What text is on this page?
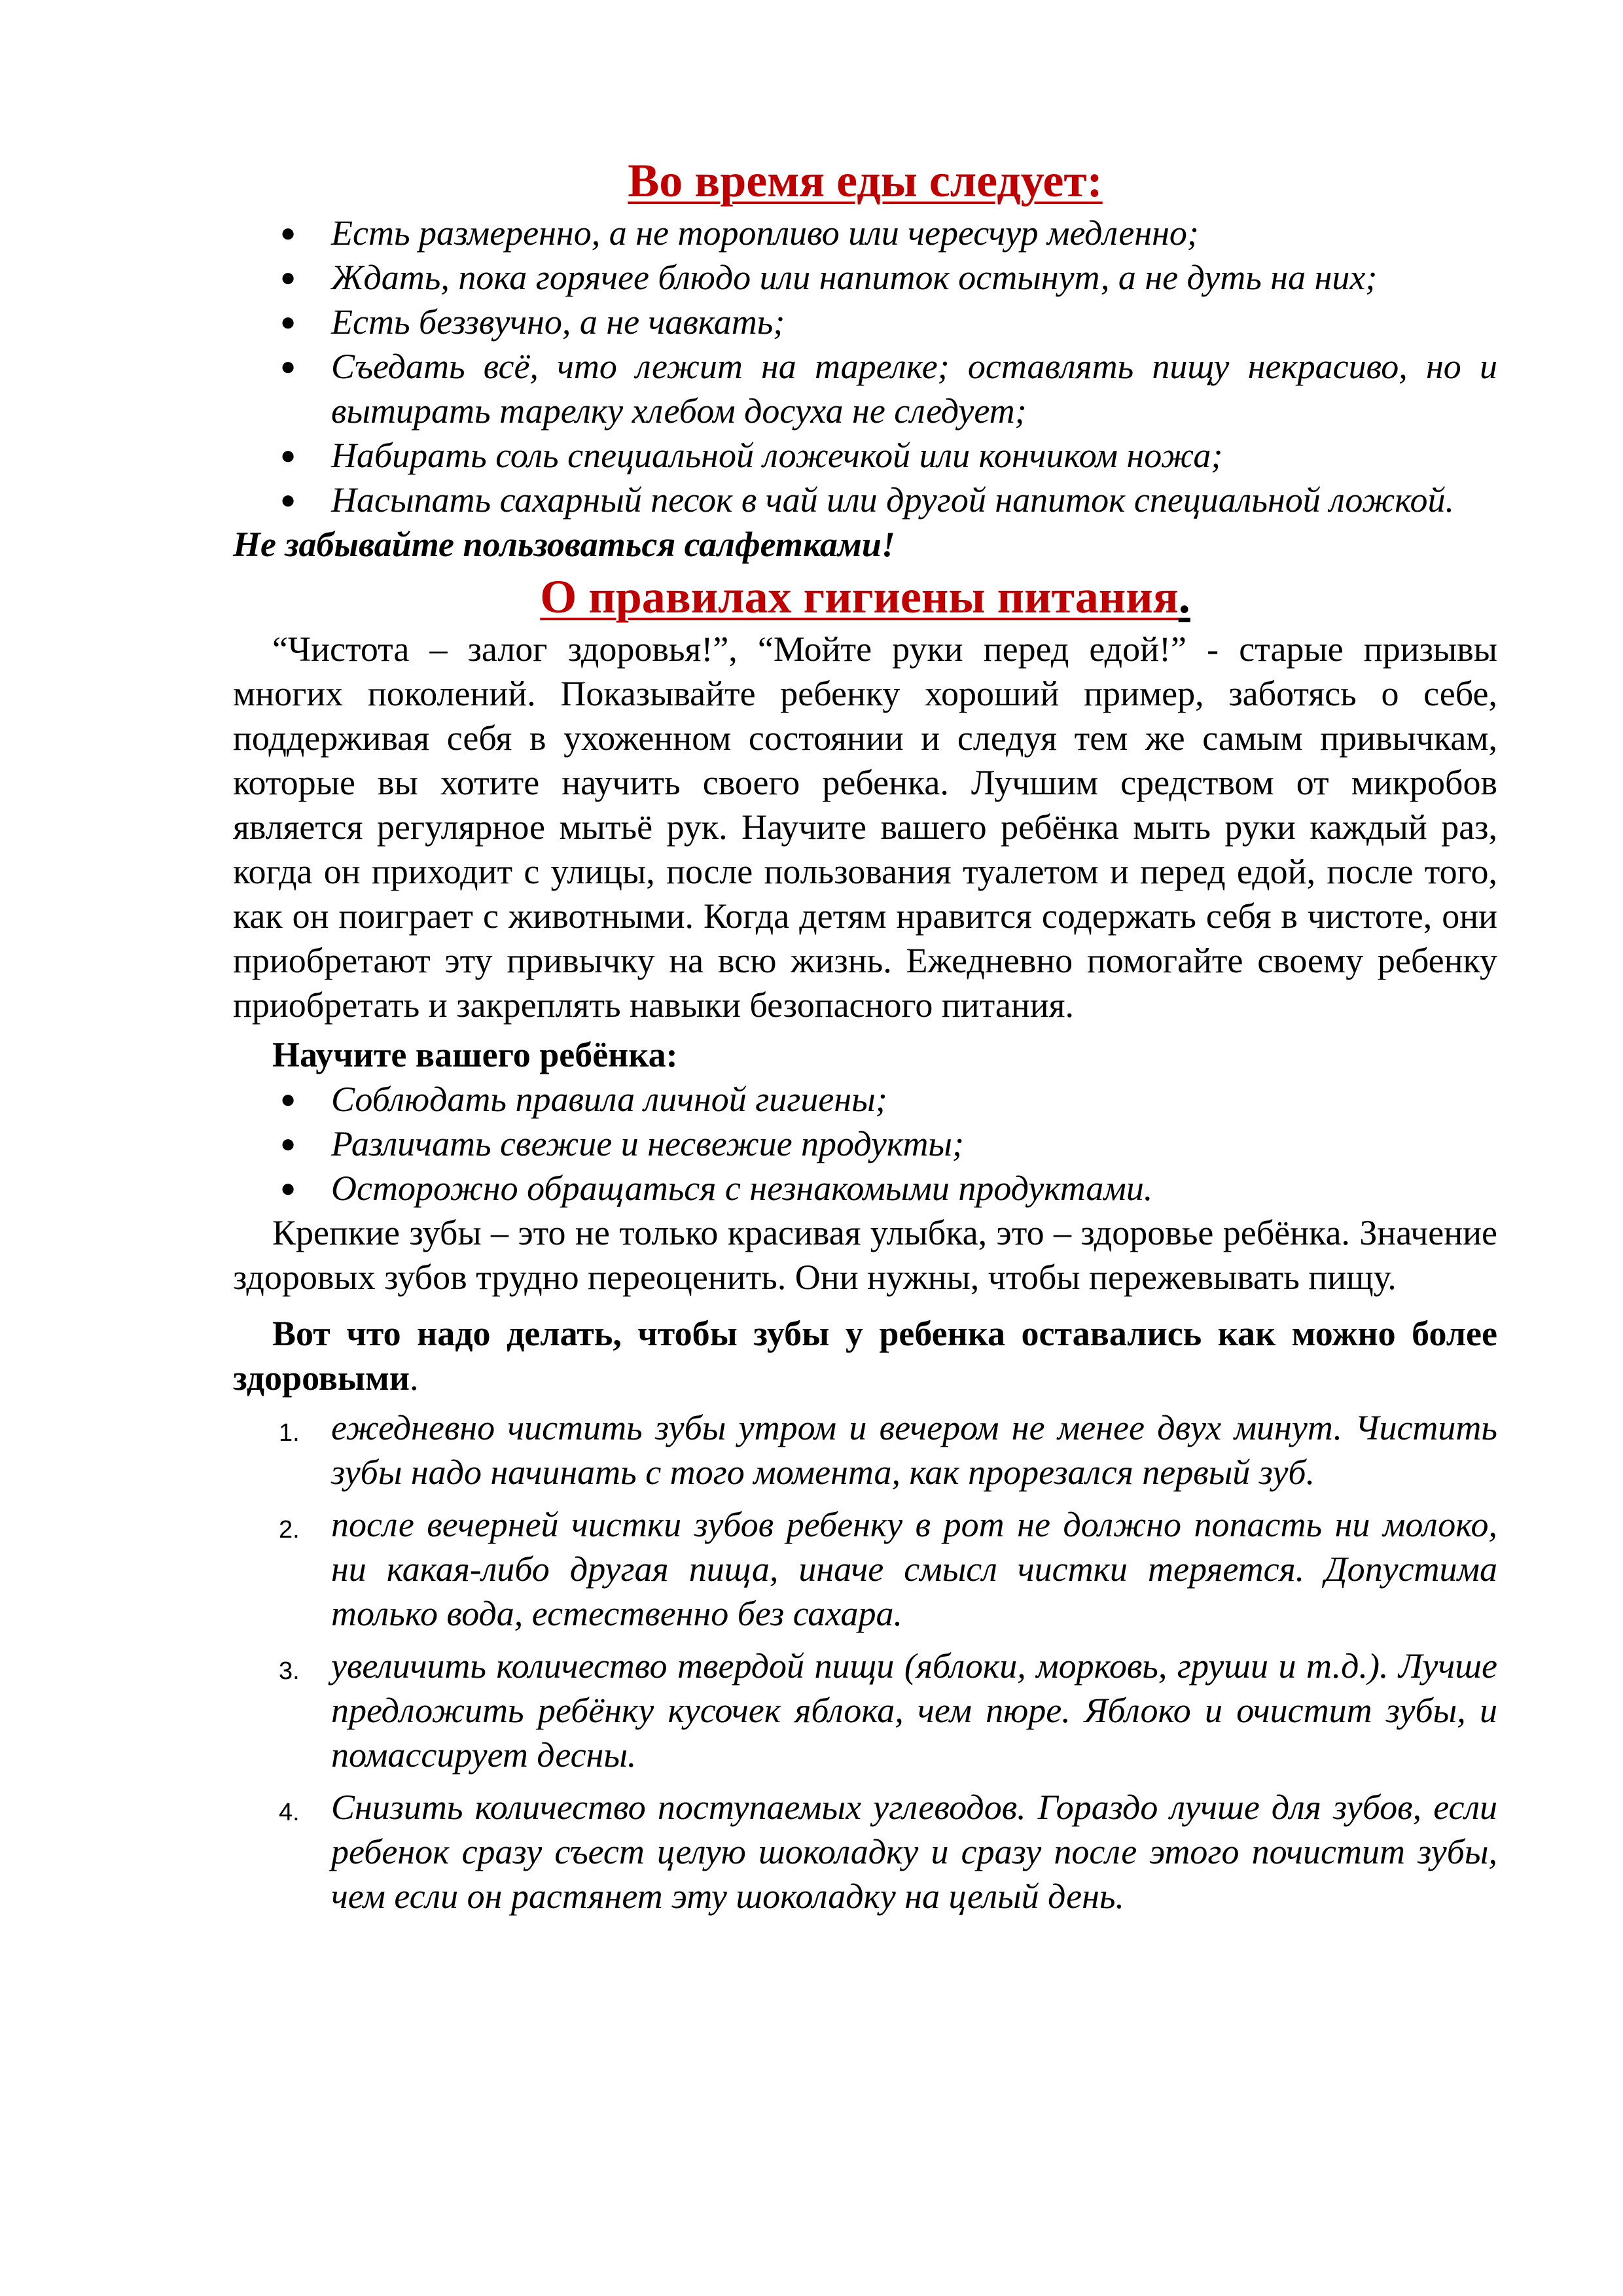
Во время еды следует:
● Есть размеренно, а не торопливо или чересчур медленно;
● Ждать, пока горячее блюдо или напиток остынут, а не дуть на них;
● Есть беззвучно, а не чавкать;
● Съедать всё, что лежит на тарелке; оставлять пищу некрасиво, но и вытирать тарелку хлебом досуха не следует;
● Набирать соль специальной ложечкой или кончиком ножа;
● Насыпать сахарный песок в чай или другой напиток специальной ложкой.

Не забывайте пользоваться салфетками!

О правилах гигиены питания.

“Чистота – залог здоровья!”, “Мойте руки перед едой!” - старые призывы многих поколений. Показывайте ребенку хороший пример, заботясь о себе, поддерживая себя в ухоженном состоянии и следуя тем же самым привычкам, которые вы хотите научить своего ребенка. Лучшим средством от микробов является регулярное мытьё рук. Научите вашего ребёнка мыть руки каждый раз, когда он приходит с улицы, после пользования туалетом и перед едой, после того, как он поиграет с животными. Когда детям нравится содержать себя в чистоте, они приобретают эту привычку на всю жизнь. Ежедневно помогайте своему ребенку приобретать и закреплять навыки безопасного питания.

Научите вашего ребёнка:

● Соблюдать правила личной гигиены;
● Различать свежие и несвежие продукты;
● Осторожно обращаться с незнакомыми продуктами.

Крепкие зубы – это не только красивая улыбка, это – здоровье ребёнка. Значение здоровых зубов трудно переоценить. Они нужны, чтобы пережевывать пищу.

Вот что надо делать, чтобы зубы у ребенка оставались как можно более здоровыми.

1. ежедневно чистить зубы утром и вечером не менее двух минут. Чистить зубы надо начинать с того момента, как прорезался первый зуб.
2. после вечерней чистки зубов ребенку в рот не должно попасть ни молоко, ни какая-либо другая пища, иначе смысл чистки теряется. Допустима только вода, естественно без сахара.
3. увеличить количество твердой пищи (яблоки, морковь, груши и т.д.). Лучше предложить ребёнку кусочек яблока, чем пюре. Яблоко и очистит зубы, и помассирует десны.
4. Снизить количество поступаемых углеводов. Гораздо лучше для зубов, если ребенок сразу съест целую шоколадку и сразу после этого почистит зубы, чем если он растянет эту шоколадку на целый день.
